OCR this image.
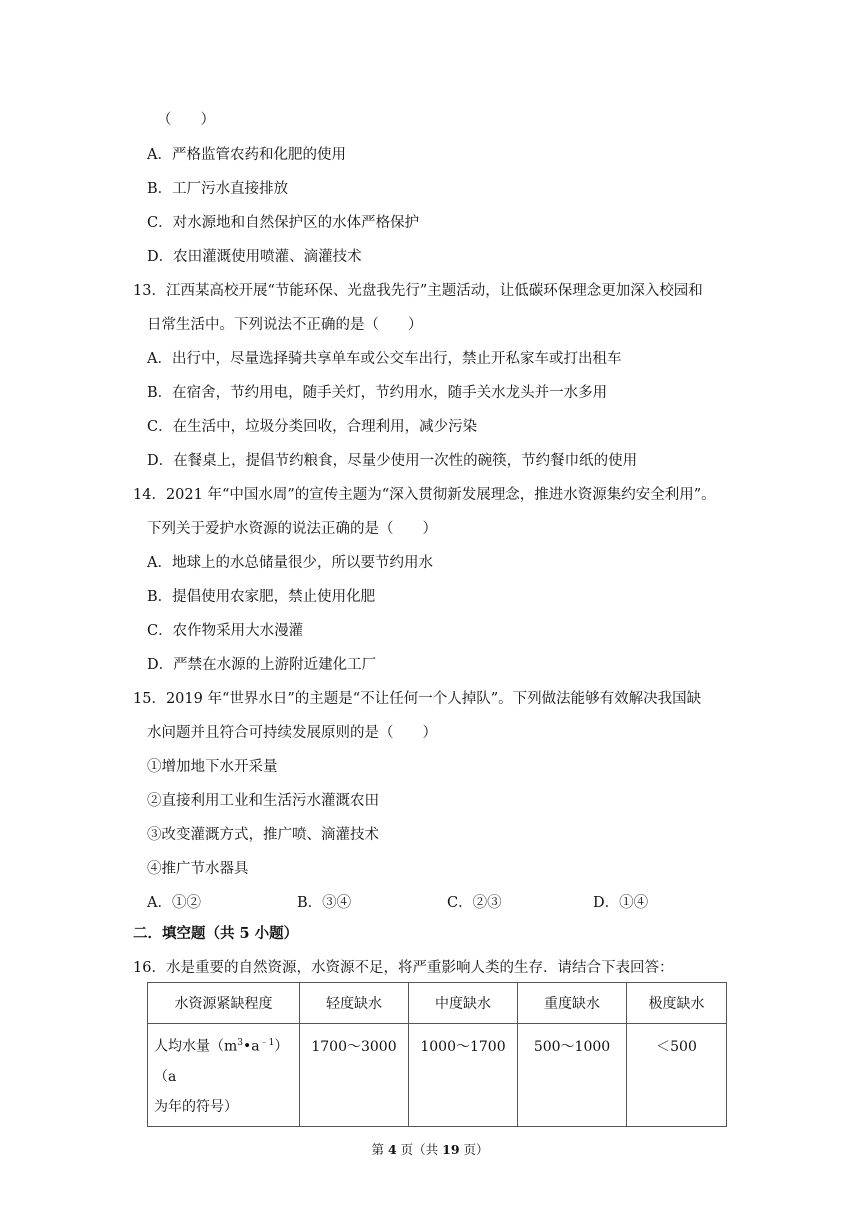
（　　）
A．严格监管农药和化肥的使用
B．工厂污水直接排放
C．对水源地和自然保护区的水体严格保护
D．农田灌溉使用喷灌、滴灌技术
13．江西某高校开展“节能环保、光盘我先行”主题活动，让低碳环保理念更加深入校园和
日常生活中。下列说法不正确的是（　　）
A．出行中，尽量选择骑共享单车或公交车出行，禁止开私家车或打出租车
B．在宿舍，节约用电，随手关灯，节约用水，随手关水龙头并一水多用
C．在生活中，垃圾分类回收，合理利用，减少污染
D．在餐桌上，提倡节约粮食，尽量少使用一次性的碗筷，节约餐巾纸的使用
14．2021 年“中国水周”的宣传主题为“深入贯彻新发展理念，推进水资源集约安全利用”。
下列关于爱护水资源的说法正确的是（　　）
A．地球上的水总储量很少，所以要节约用水
B．提倡使用农家肥，禁止使用化肥
C．农作物采用大水漫灌
D．严禁在水源的上游附近建化工厂
15．2019 年“世界水日”的主题是“不让任何一个人掉队”。下列做法能够有效解决我国缺
水问题并且符合可持续发展原则的是（　　）
①增加地下水开采量
②直接利用工业和生活污水灌溉农田
③改变灌溉方式，推广喷、滴灌技术
④推广节水器具
A．①②	B．③④	C．②③	D．①④
二．填空题（共 5 小题）
16．水是重要的自然资源，水资源不足，将严重影响人类的生存．请结合下表回答：
水资源紧缺程度	轻度缺水	中度缺水	重度缺水	极度缺水
人均水量$(m^3•a^{﹣1})(a$
为年的符号）	1700～3000	1000～1700	500～1000	＜500
第 4 页（共 19 页）
